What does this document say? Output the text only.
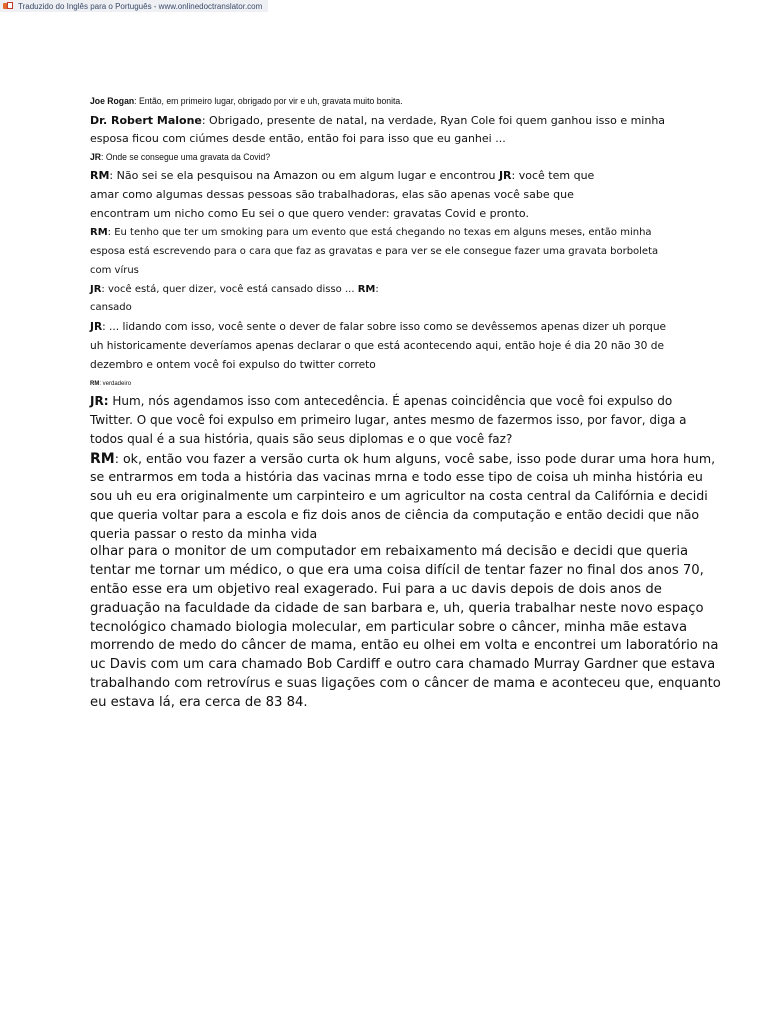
Traduzido do Inglês para o Português - www.onlinedoctranslator.com

Joe Rogan: Então, em primeiro lugar, obrigado por vir e uh, gravata muito bonita.

Dr. Robert Malone: Obrigado, presente de natal, na verdade, Ryan Cole foi quem ganhou isso e minha

esposa ficou com ciúmes desde então, então foi para isso que eu ganhei ...

JR: Onde se consegue uma gravata da Covid?

RM: Não sei se ela pesquisou na Amazon ou em algum lugar e encontrou JR: você tem que

amar como algumas dessas pessoas são trabalhadoras, elas são apenas você sabe que

encontram um nicho como Eu sei o que quero vender: gravatas Covid e pronto.

RM: Eu tenho que ter um smoking para um evento que está chegando no texas em alguns meses, então minha

esposa está escrevendo para o cara que faz as gravatas e para ver se ele consegue fazer uma gravata borboleta

com vírus

JR: você está, quer dizer, você está cansado disso ... RM:

cansado

JR: ... lidando com isso, você sente o dever de falar sobre isso como se devêssemos apenas dizer uh porque

uh historicamente deveríamos apenas declarar o que está acontecendo aqui, então hoje é dia 20 não 30 de

dezembro e ontem você foi expulso do twitter correto

RM: verdadeiro

JR: Hum, nós agendamos isso com antecedência. É apenas coincidência que você foi expulso do

Twitter. O que você foi expulso em primeiro lugar, antes mesmo de fazermos isso, por favor, diga a

todos qual é a sua história, quais são seus diplomas e o que você faz?

RM: ok, então vou fazer a versão curta ok hum alguns, você sabe, isso pode durar uma hora hum,

se entrarmos em toda a história das vacinas mrna e todo esse tipo de coisa uh minha história eu

sou uh eu era originalmente um carpinteiro e um agricultor na costa central da Califórnia e decidi

que queria voltar para a escola e fiz dois anos de ciência da computação e então decidi que não

queria passar o resto da minha vida

olhar para o monitor de um computador em rebaixamento má decisão e decidi que queria

tentar me tornar um médico, o que era uma coisa difícil de tentar fazer no final dos anos 70,

então esse era um objetivo real exagerado. Fui para a uc davis depois de dois anos de

graduação na faculdade da cidade de san barbara e, uh, queria trabalhar neste novo espaço

tecnológico chamado biologia molecular, em particular sobre o câncer, minha mãe estava

morrendo de medo do câncer de mama, então eu olhei em volta e encontrei um laboratório na

uc Davis com um cara chamado Bob Cardiff e outro cara chamado Murray Gardner que estava

trabalhando com retrovírus e suas ligações com o câncer de mama e aconteceu que, enquanto

eu estava lá, era cerca de 83 84.
